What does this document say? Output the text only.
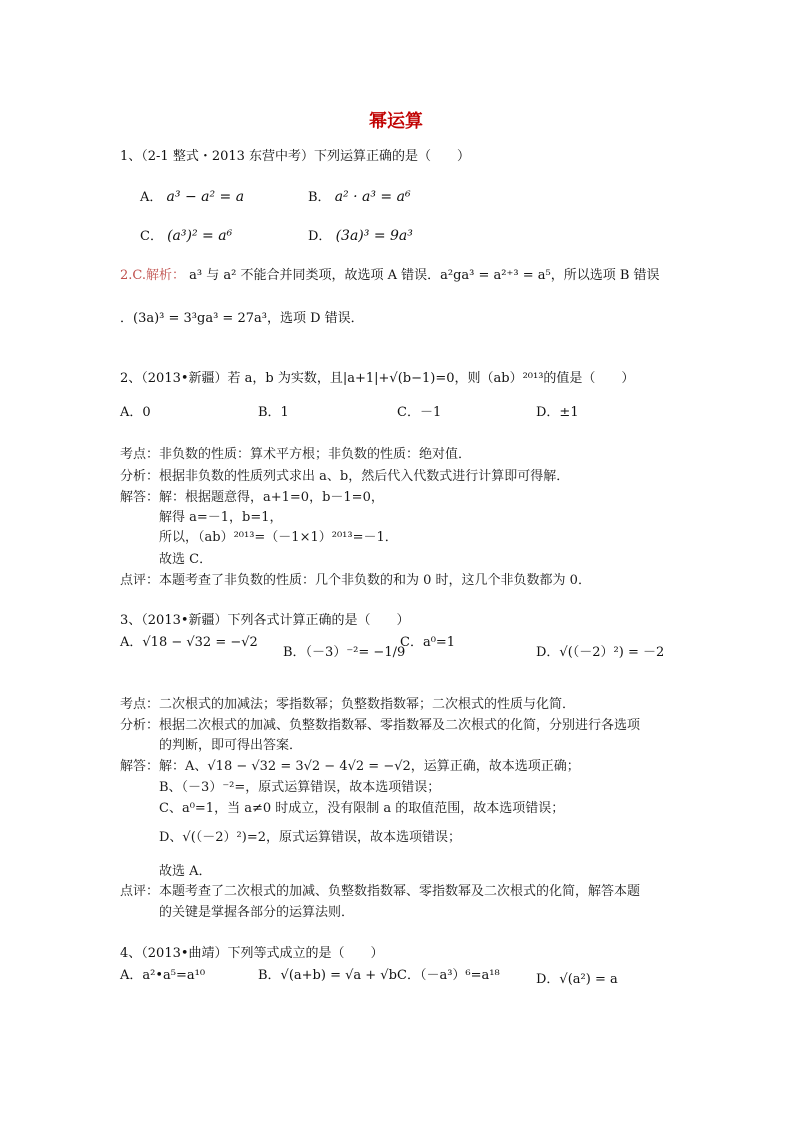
幂运算
1、（2-1 整式・2013 东营中考）下列运算正确的是（　　）
A． a³ − a² = a	B． a² · a³ = a⁶
C． (a³)² = a⁶	D． (3a)³ = 9a³
2.C.解析： a³ 与 a² 不能合并同类项，故选项 A 错误．a²ga³ = a²⁺³ = a⁵，所以选项 B 错误
．(3a)³ = 3³ga³ = 27a³，选项 D 错误．
2、（2013•新疆）若 a，b 为实数，且|a+1|+√(b−1)=0，则（ab）²⁰¹³的值是（　　）
A．0	B．1	C．－1	D．±1
考点：非负数的性质：算术平方根；非负数的性质：绝对值．
分析：根据非负数的性质列式求出 a、b，然后代入代数式进行计算即可得解．
解答：解：根据题意得，a+1=0，b－1=0，
解得 a=－1，b=1，
所以，（ab）²⁰¹³=（－1×1）²⁰¹³=－1．
故选 C．
点评：本题考查了非负数的性质：几个非负数的和为 0 时，这几个非负数都为 0．
3、（2013•新疆）下列各式计算正确的是（　　）
A．√18 − √32 = −√2
B．（－3）⁻²= −1/9
C．a⁰=1
D．√(（－2）²) = －2
考点：二次根式的加减法；零指数幂；负整数指数幂；二次根式的性质与化简．
分析：根据二次根式的加减、负整数指数幂、零指数幂及二次根式的化简，分别进行各选项
的判断，即可得出答案．
解答：解：A、√18 − √32 = 3√2 − 4√2 = −√2，运算正确，故本选项正确；
B、（－3）⁻²=，原式运算错误，故本选项错误；
C、a⁰=1，当 a≠0 时成立，没有限制 a 的取值范围，故本选项错误；
D、√(（－2）²)=2，原式运算错误，故本选项错误；
故选 A．
点评：本题考查了二次根式的加减、负整数指数幂、零指数幂及二次根式的化简，解答本题
的关键是掌握各部分的运算法则．
4、（2013•曲靖）下列等式成立的是（　　）
A．a²•a⁵=a¹⁰	B．√(a+b) = √a + √b C．（－a³）⁶=a¹⁸	D．√(a²) = a
